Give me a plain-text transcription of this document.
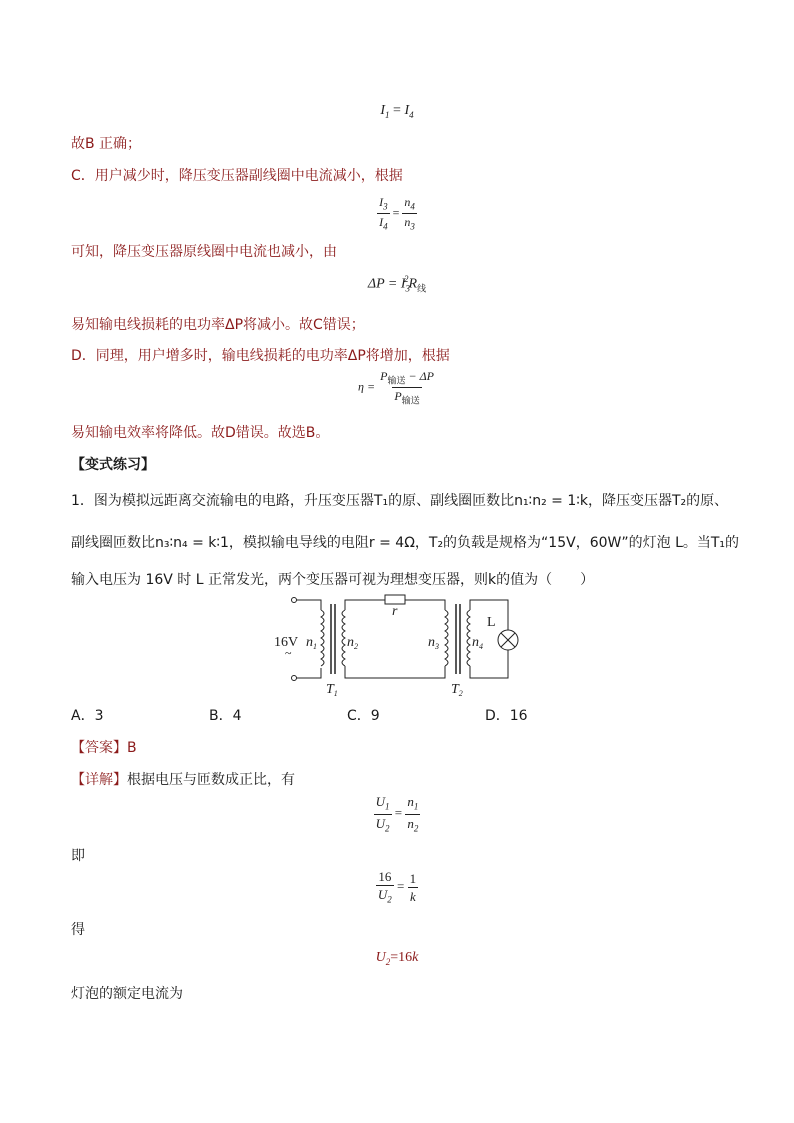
$I_1 = I_4$
故B 正确；
C．用户减少时，降压变压器副线圈中电流减小，根据
$\frac{I_3}{I_4} = \frac{n_4}{n_3}$
可知，降压变压器原线圈中电流也减小，由
$\Delta P = I_3^2R_线$
易知输电线损耗的电功率ΔP将减小。故C错误；
D．同理，用户增多时，输电线损耗的电功率ΔP将增加，根据
$\eta = \frac{P_{输送} - \Delta P}{P_{输送}}$
易知输电效率将降低。故D错误。故选B。
【变式练习】
1．图为模拟远距离交流输电的电路，升压变压器T₁的原、副线圈匝数比n₁∶n₂ = 1∶k，降压变压器T₂的原、
副线圈匝数比n₃∶n₄ = k∶1，模拟输电导线的电阻r = 4Ω，T₂的负载是规格为“15V，60W”的灯泡 L。当T₁的
输入电压为 16V 时 L 正常发光，两个变压器可视为理想变压器，则k的值为（　　）
16V
~
$n_1$ $n_2$	$n_3$ $n_4$
r
L
$T_1$	$T_2$
A．3	B．4	C．9	D．16
【答案】B
【详解】根据电压与匝数成正比，有
$\frac{U_1}{U_2} = \frac{n_1}{n_2}$
即
$\frac{16}{U_2} = \frac{1}{k}$
得
$U_2=16k$
灯泡的额定电流为
